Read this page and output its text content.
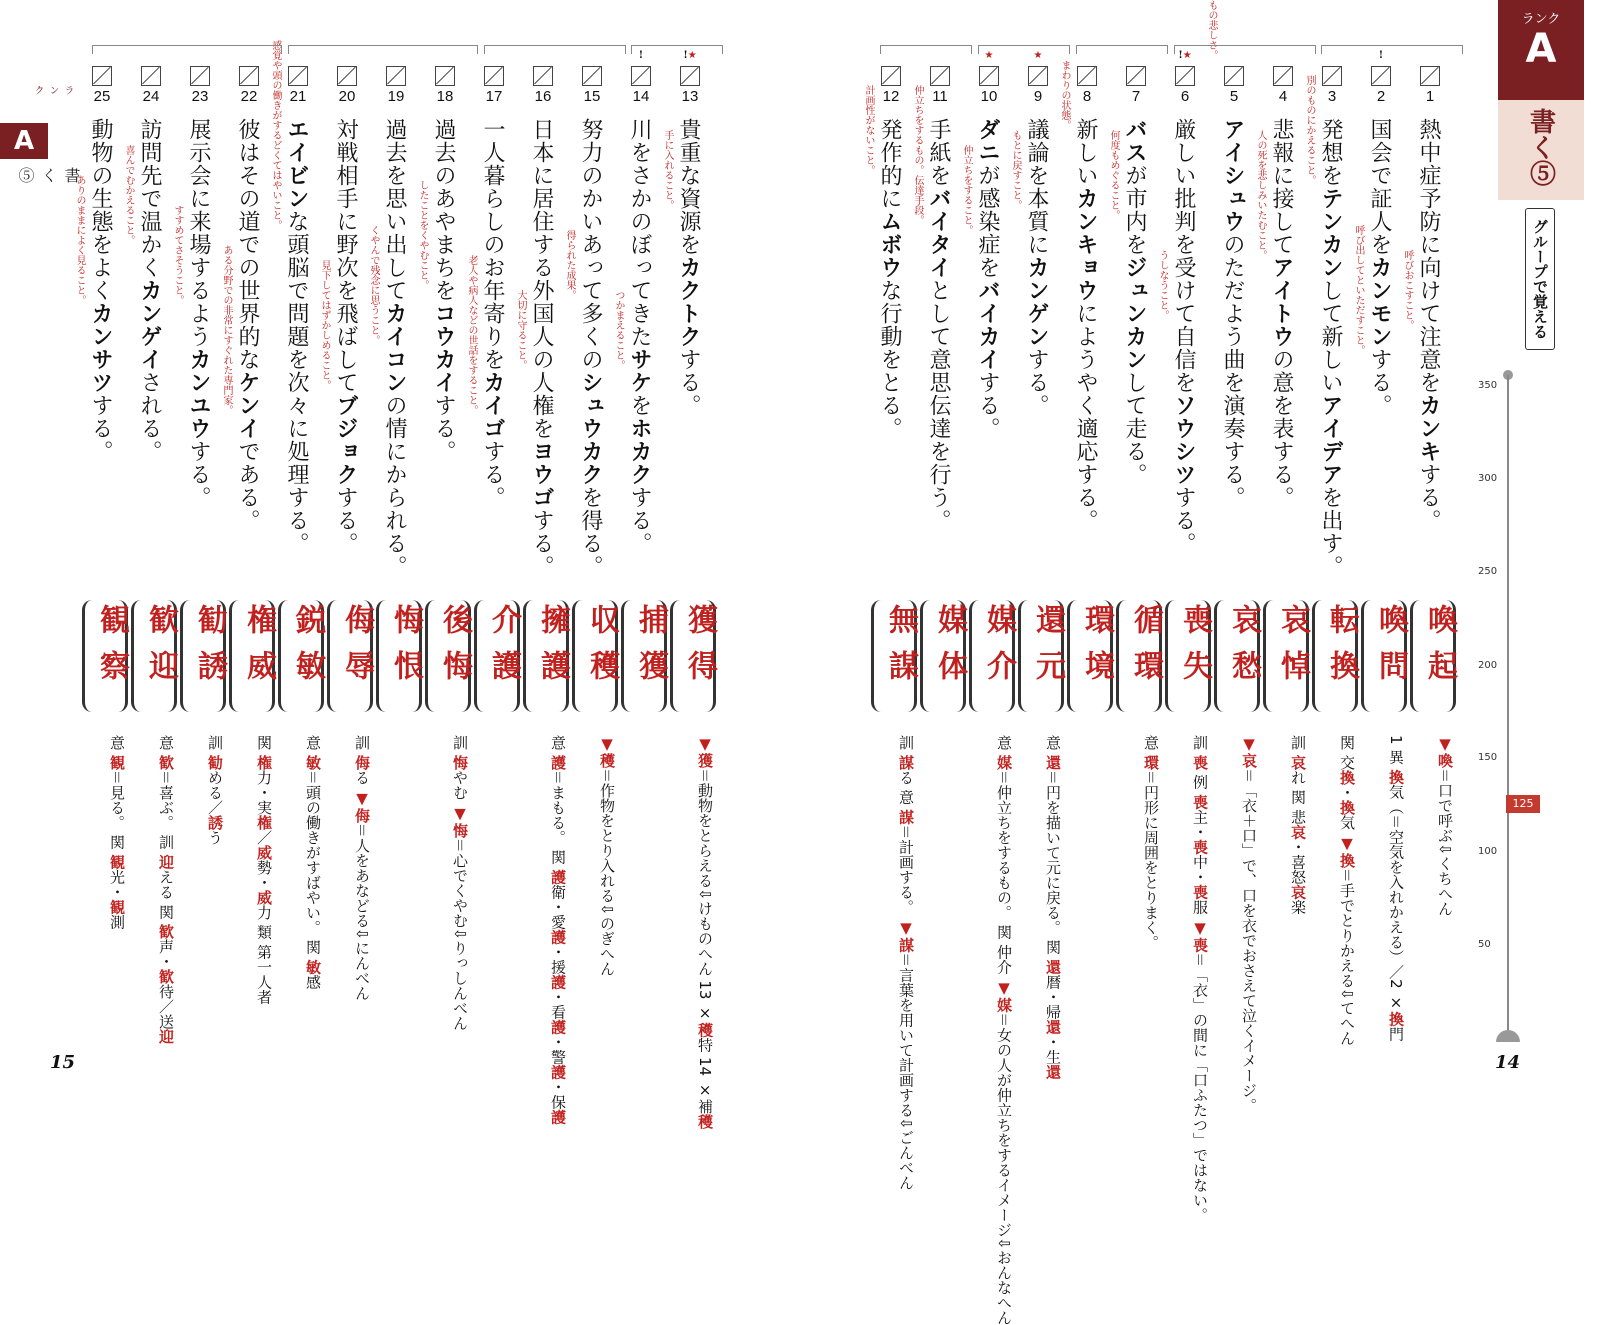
ランク
A
書く⑤
グループで覚える
350
300
250
200
150
100
50
125
1
熱中症予防に向けて注意をカンキする。
呼びおこすこと。
喚起
▼喚＝口で呼ぶ⇩くちへん
!
2
国会で証人をカンモンする。
呼び出してといただすこと。
喚問
1 異 換気（＝空気を入れかえる）／2 ×換門
3
発想をテンカンして新しいアイデアを出す。
別のものにかえること。
転換
関 交換・換気 ▼換＝手でとりかえる⇩てへん
4
悲報に接してアイトウの意を表する。
人の死を悲しみいたむこと。
哀悼
訓 哀れ 関 悲哀・喜怒哀楽
5
アイシュウのただよう曲を演奏する。
もの悲しさ。
哀愁
▼哀＝「衣＋口」で、口を衣でおさえて泣くイメージ。
!★
6
厳しい批判を受けて自信をソウシツする。
うしなうこと。
喪失
訓 喪 例 喪主・喪中・喪服 ▼喪＝「衣」の間に「口ふたつ」ではない。
7
バスが市内をジュンカンして走る。
何度もめぐること。
循環
意 環＝円形に周囲をとりまく。
8
新しいカンキョウにようやく適応する。
まわりの状態。
環境
★
9
議論を本質にカンゲンする。
もとに戻すこと。
還元
意 還＝円を描いて元に戻る。 関 還暦・帰還・生還
★
10
ダニが感染症をバイカイする。
仲立ちをすること。
媒介
意 媒＝仲立ちをするもの。 関 仲介 ▼媒＝女の人が仲立ちをするイメージ⇩おんなへん
11
手紙をバイタイとして意思伝達を行う。
仲立ちをするもの。伝達手段。
媒体
12
発作的にムボウな行動をとる。
計画性がないこと。
無謀
訓 謀る 意 謀＝計画する。 ▼謀＝言葉を用いて計画する⇩ごんべん	14
ランク
A
書く⑤
!★
13
貴重な資源をカクトクする。
手に入れること。
獲得
▼獲＝動物をとらえる⇩けものへん 13 ×穫特 14 ×補穫
!
14
川をさかのぼってきたサケをホカクする。
つかまえること。
捕獲
15
努力のかいあって多くのシュウカクを得る。
得られた成果。
収穫
▼穫＝作物をとり入れる⇩のぎへん
16
日本に居住する外国人の人権をヨウゴする。
大切に守ること。
擁護
意 護＝まもる。 関 護衛・愛護・援護・看護・警護・保護
17
一人暮らしのお年寄りをカイゴする。
老人や病人などの世話をすること。
介護
18
過去のあやまちをコウカイする。
したことをくやむこと。
後悔
訓 悔やむ ▼悔＝心でくやむ⇩りっしんべん
19
過去を思い出してカイコンの情にかられる。
くやんで残念に思うこと。
悔恨
20
対戦相手に野次を飛ばしてブジョクする。
見下してはずかしめること。
侮辱
訓 侮る ▼侮＝人をあなどる⇩にんべん
21
エイビンな頭脳で問題を次々に処理する。
感覚や頭の働きがするどくてはやいこと。
鋭敏
意 敏＝頭の働きがすばやい。 関 敏感
22
彼はその道での世界的なケンイである。
ある分野での非常にすぐれた専門家。
権威
関 権力・実権／威勢・威力 類 第一人者
23
展示会に来場するようカンユウする。
すすめてさそうこと。
勧誘
訓 勧める／誘う
24
訪問先で温かくカンゲイされる。
喜んでむかえること。
歓迎
意 歓＝喜ぶ。 訓 迎える 関 歓声・歓待／送迎
25
動物の生態をよくカンサツする。
ありのままによく見ること。
観察
意 観＝見る。 関 観光・観測
15
